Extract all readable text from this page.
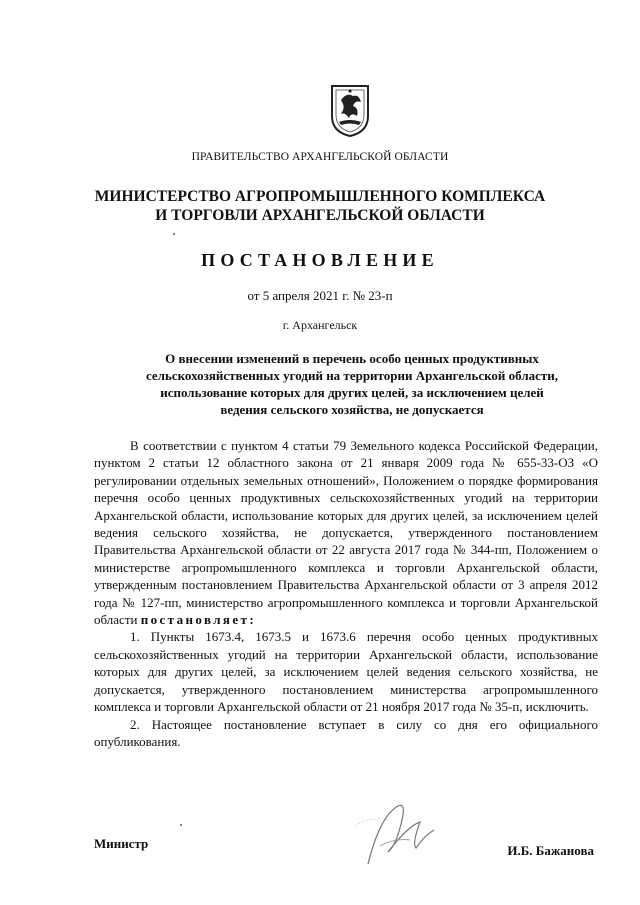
ПРАВИТЕЛЬСТВО АРХАНГЕЛЬСКОЙ ОБЛАСТИ
МИНИСТЕРСТВО АГРОПРОМЫШЛЕННОГО КОМПЛЕКСА
И ТОРГОВЛИ АРХАНГЕЛЬСКОЙ ОБЛАСТИ
ПОСТАНОВЛЕНИЕ
от 5 апреля 2021 г. № 23-п
г. Архангельск
О внесении изменений в перечень особо ценных продуктивных
сельскохозяйственных угодий на территории Архангельской области,
использование которых для других целей, за исключением целей
ведения сельского хозяйства, не допускается

В соответствии с пунктом 4 статьи 79 Земельного кодекса Российской Федерации, пунктом 2 статьи 12 областного закона от 21 января 2009 года № 655-33-ОЗ «О регулировании отдельных земельных отношений», Положением о порядке формирования перечня особо ценных продуктивных сельскохозяйственных угодий на территории Архангельской области, использование которых для других целей, за исключением целей ведения сельского хозяйства, не допускается, утвержденного постановлением Правительства Архангельской области от 22 августа 2017 года № 344-пп, Положением о министерстве агропромышленного комплекса и торговли Архангельской области, утвержденным постановлением Правительства Архангельской области от 3 апреля 2012 года № 127-пп, министерство агропромышленного комплекса и торговли Архангельской области постановляет:

1. Пункты 1673.4, 1673.5 и 1673.6 перечня особо ценных продуктивных сельскохозяйственных угодий на территории Архангельской области, использование которых для других целей, за исключением целей ведения сельского хозяйства, не допускается, утвержденного постановлением министерства агропромышленного комплекса и торговли Архангельской области от 21 ноября 2017 года № 35-п, исключить.

2. Настоящее постановление вступает в силу со дня его официального опубликования.

Министр	И.Б. Бажанова
